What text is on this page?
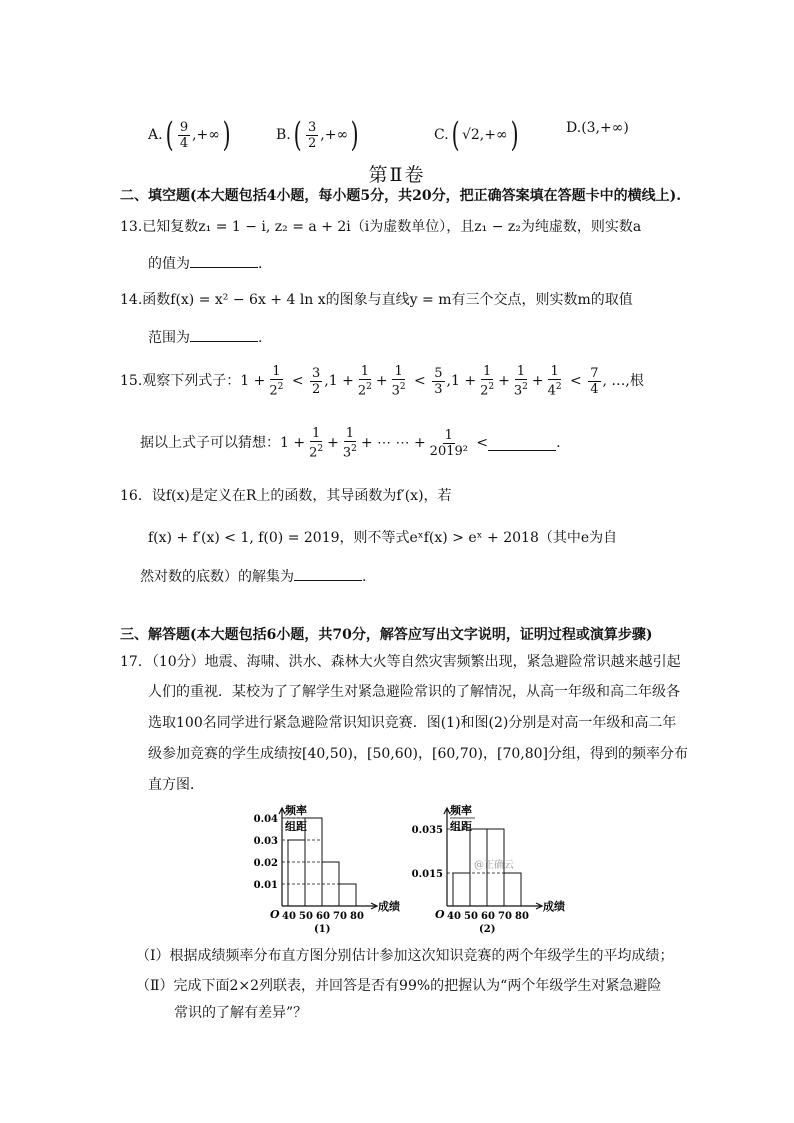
$A.( \frac{9}{4}$ ,+∞)	$B.( \frac{3}{2}$ ,+∞)	C.( √2,+∞)	D.(3,+∞)
第Ⅱ卷
二、填空题(本大题包括4小题，每小题5分，共20分，把正确答案填在答题卡中的横线上).
13.已知复数z₁ = 1 − i, z₂ = a + 2i（i为虚数单位），且z₁ − z₂为纯虚数，则实数a
的值为	.
14.函数f(x) = x² − 6x + 4 ln x的图象与直线y = m有三个交点，则实数m的取值
范围为	.
15.观察下列式子： $1 + \frac{1}{2^2} < \frac{3}{2} ,1 + \frac{1}{2^2} + \frac{1}{3^2} < \frac{5}{3} ,1 + \frac{1}{2^2} + \frac{1}{3^2} + \frac{1}{4^2} < \frac{7}{4}$ , …,根
据以上式子可以猜想： $1 + \frac{1}{2^2} + \frac{1}{3^2}$ + ⋯ ⋯ + $\frac{1}{\text{2019²}}$ <	.
16．设f(x)是定义在R上的函数，其导函数为f′(x)，若
f(x) + f′(x) < 1, f(0) = 2019，则不等式eˣf(x) > eˣ + 2018（其中e为自
然对数的底数）的解集为	.
三、解答题(本大题包括6小题，共70分，解答应写出文字说明，证明过程或演算步骤)
17．（10分）地震、海啸、洪水、森林大火等自然灾害频繁出现，紧急避险常识越来越引起
人们的重视．某校为了了解学生对紧急避险常识的了解情况，从高一年级和高二年级各
选取100名同学进行紧急避险常识知识竞赛．图(1)和图(2)分别是对高一年级和高二年
级参加竞赛的学生成绩按[40,50)，[50,60)，[60,70)，[70,80]分组，得到的频率分布
直方图．
频率
组距
成绩
O 40 50 60 70 80
0.04
0.03
0.02
0.01
(1)
频率
组距
成绩
O 40 50 60 70 80
0.035
0.015
@正确云
(2)
（Ⅰ）根据成绩频率分布直方图分别估计参加这次知识竞赛的两个年级学生的平均成绩；
（Ⅱ）完成下面2×2列联表，并回答是否有99%的把握认为“两个年级学生对紧急避险
常识的了解有差异”？
